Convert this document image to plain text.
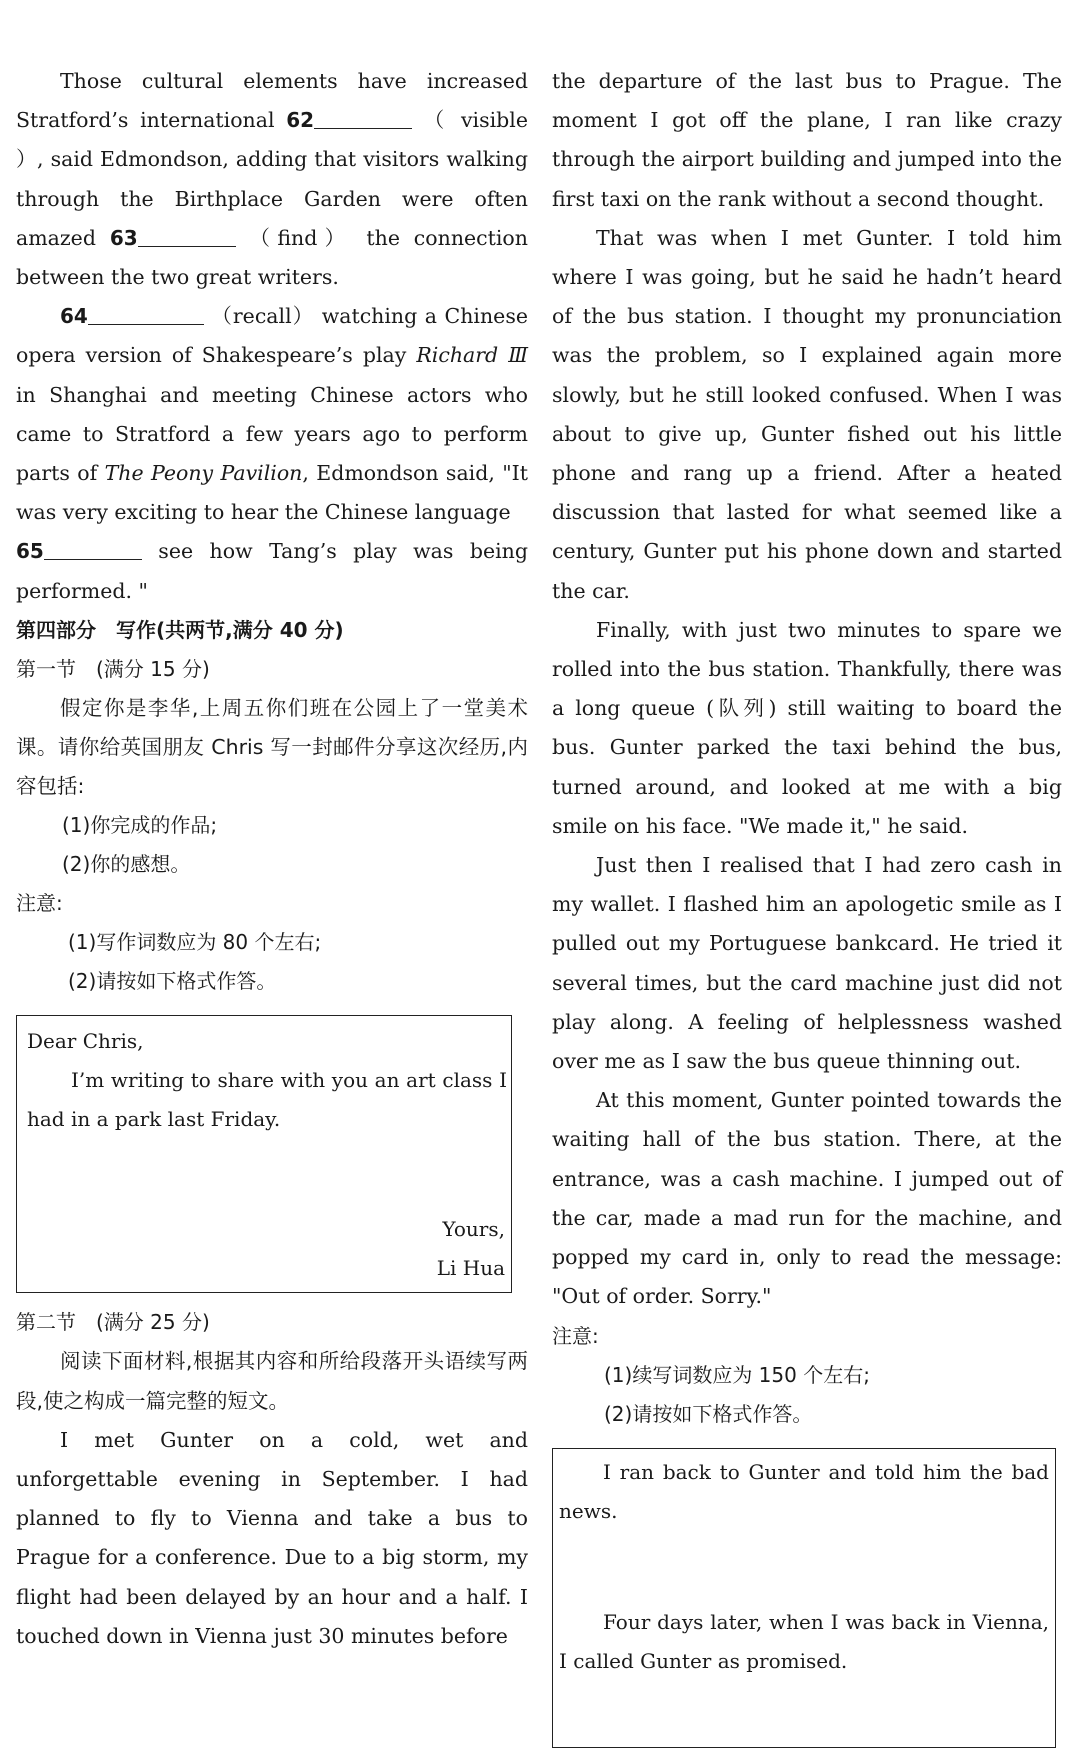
Those cultural elements have increased Stratford’s international 62	（ visible ）, said Edmondson, adding that visitors walking through the Birthplace Garden were often amazed 63	（find） the connection between the two great writers.

64	（recall） watching a Chinese opera version of Shakespeare’s play Richard Ⅲ in Shanghai and meeting Chinese actors who came to Stratford a few years ago to perform parts of The Peony Pavilion, Edmondson said, "It was very exciting to hear the Chinese language

65	see how Tang’s play was being performed. "

第四部分　写作(共两节,满分 40 分)
第一节　(满分 15 分)

假定你是李华,上周五你们班在公园上了一堂美术课。请你给英国朋友 Chris 写一封邮件分享这次经历,内容包括:

(1)你完成的作品;
(2)你的感想。
注意:
(1)写作词数应为 80 个左右;
(2)请按如下格式作答。

Dear Chris,

I’m writing to share with you an art class I had in a park last Friday.

Yours,
Li Hua
第二节　(满分 25 分)

阅读下面材料,根据其内容和所给段落开头语续写两段,使之构成一篇完整的短文。

I met Gunter on a cold, wet and unforgettable evening in September. I had planned to fly to Vienna and take a bus to Prague for a conference. Due to a big storm, my flight had been delayed by an hour and a half. I touched down in Vienna just 30 minutes before

the departure of the last bus to Prague. The moment I got off the plane, I ran like crazy through the airport building and jumped into the first taxi on the rank without a second thought.

That was when I met Gunter. I told him where I was going, but he said he hadn’t heard of the bus station. I thought my pronunciation was the problem, so I explained again more slowly, but he still looked confused. When I was about to give up, Gunter fished out his little phone and rang up a friend. After a heated discussion that lasted for what seemed like a century, Gunter put his phone down and started the car.

Finally, with just two minutes to spare we rolled into the bus station. Thankfully, there was a long queue (队列) still waiting to board the bus. Gunter parked the taxi behind the bus, turned around, and looked at me with a big smile on his face. "We made it," he said.

Just then I realised that I had zero cash in my wallet. I flashed him an apologetic smile as I pulled out my Portuguese bankcard. He tried it several times, but the card machine just did not play along. A feeling of helplessness washed over me as I saw the bus queue thinning out.

At this moment, Gunter pointed towards the waiting hall of the bus station. There, at the entrance, was a cash machine. I jumped out of the car, made a mad run for the machine, and popped my card in, only to read the message: "Out of order. Sorry."

注意:
(1)续写词数应为 150 个左右;
(2)请按如下格式作答。

I ran back to Gunter and told him the bad news.

Four days later, when I was back in Vienna, I called Gunter as promised.
